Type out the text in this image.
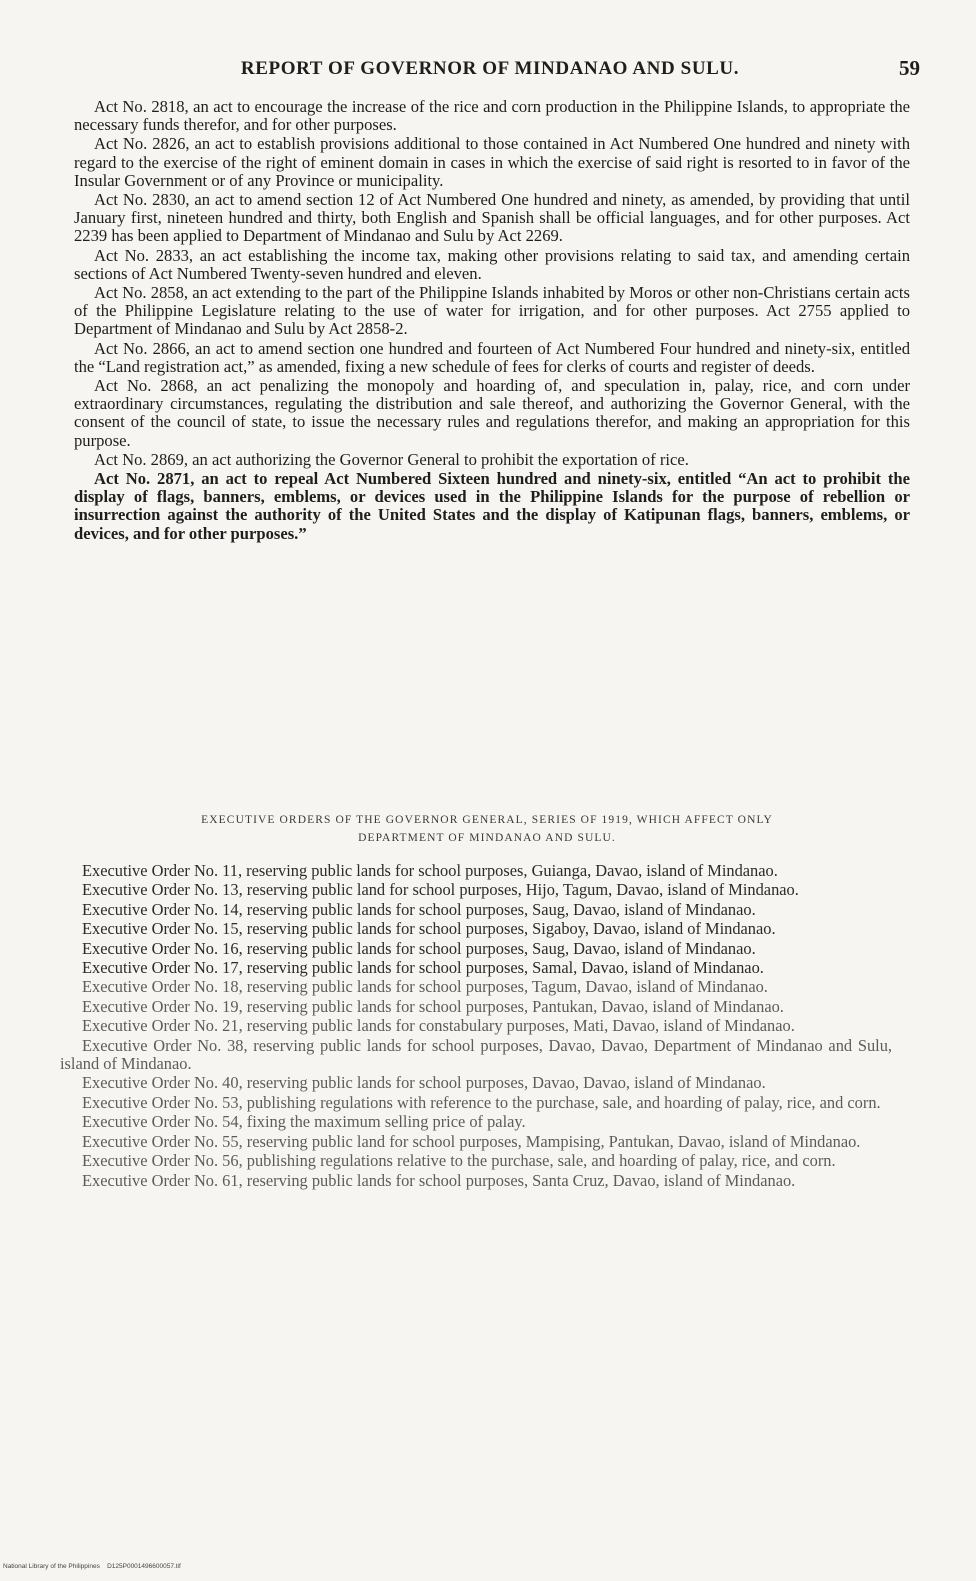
REPORT OF GOVERNOR OF MINDANAO AND SULU.	59

Act No. 2818, an act to encourage the increase of the rice and corn production in the Philippine Islands, to appropriate the necessary funds therefor, and for other purposes.

Act No. 2826, an act to establish provisions additional to those contained in Act Numbered One hundred and ninety with regard to the exercise of the right of eminent domain in cases in which the exercise of said right is resorted to in favor of the Insular Government or of any Province or municipality.

Act No. 2830, an act to amend section 12 of Act Numbered One hundred and ninety, as amended, by providing that until January first, nineteen hundred and thirty, both English and Spanish shall be official languages, and for other purposes. Act 2239 has been applied to Department of Mindanao and Sulu by Act 2269.

Act No. 2833, an act establishing the income tax, making other provisions relating to said tax, and amending certain sections of Act Numbered Twenty-seven hundred and eleven.

Act No. 2858, an act extending to the part of the Philippine Islands inhabited by Moros or other non-Christians certain acts of the Philippine Legislature relating to the use of water for irrigation, and for other purposes. Act 2755 applied to Department of Mindanao and Sulu by Act 2858-2.

Act No. 2866, an act to amend section one hundred and fourteen of Act Numbered Four hundred and ninety-six, entitled the “Land registration act,” as amended, fixing a new schedule of fees for clerks of courts and register of deeds.

Act No. 2868, an act penalizing the monopoly and hoarding of, and speculation in, palay, rice, and corn under extraordinary circumstances, regulating the distribution and sale thereof, and authorizing the Governor General, with the consent of the council of state, to issue the necessary rules and regulations therefor, and making an appropriation for this purpose.

Act No. 2869, an act authorizing the Governor General to prohibit the exportation of rice.

Act No. 2871, an act to repeal Act Numbered Sixteen hundred and ninety-six, entitled “An act to prohibit the display of flags, banners, emblems, or devices used in the Philippine Islands for the purpose of rebellion or insurrection against the authority of the United States and the display of Katipunan flags, banners, emblems, or devices, and for other purposes.”

EXECUTIVE ORDERS OF THE GOVERNOR GENERAL, SERIES OF 1919, WHICH AFFECT ONLY
DEPARTMENT OF MINDANAO AND SULU.

Executive Order No. 11, reserving public lands for school purposes, Guianga, Davao, island of Mindanao.

Executive Order No. 13, reserving public land for school purposes, Hijo, Tagum, Davao, island of Mindanao.

Executive Order No. 14, reserving public lands for school purposes, Saug, Davao, island of Mindanao.

Executive Order No. 15, reserving public lands for school purposes, Sigaboy, Davao, island of Mindanao.

Executive Order No. 16, reserving public lands for school purposes, Saug, Davao, island of Mindanao.

Executive Order No. 17, reserving public lands for school purposes, Samal, Davao, island of Mindanao.

Executive Order No. 18, reserving public lands for school purposes, Tagum, Davao, island of Mindanao.

Executive Order No. 19, reserving public lands for school purposes, Pantukan, Davao, island of Mindanao.

Executive Order No. 21, reserving public lands for constabulary purposes, Mati, Davao, island of Mindanao.

Executive Order No. 38, reserving public lands for school purposes, Davao, Davao, Department of Mindanao and Sulu, island of Mindanao.

Executive Order No. 40, reserving public lands for school purposes, Davao, Davao, island of Mindanao.

Executive Order No. 53, publishing regulations with reference to the purchase, sale, and hoarding of palay, rice, and corn.

Executive Order No. 54, fixing the maximum selling price of palay.

Executive Order No. 55, reserving public land for school purposes, Mampising, Pantukan, Davao, island of Mindanao.

Executive Order No. 56, publishing regulations relative to the purchase, sale, and hoarding of palay, rice, and corn.

Executive Order No. 61, reserving public lands for school purposes, Santa Cruz, Davao, island of Mindanao.

National Library of the Philippines D125P0001496600057.tif
